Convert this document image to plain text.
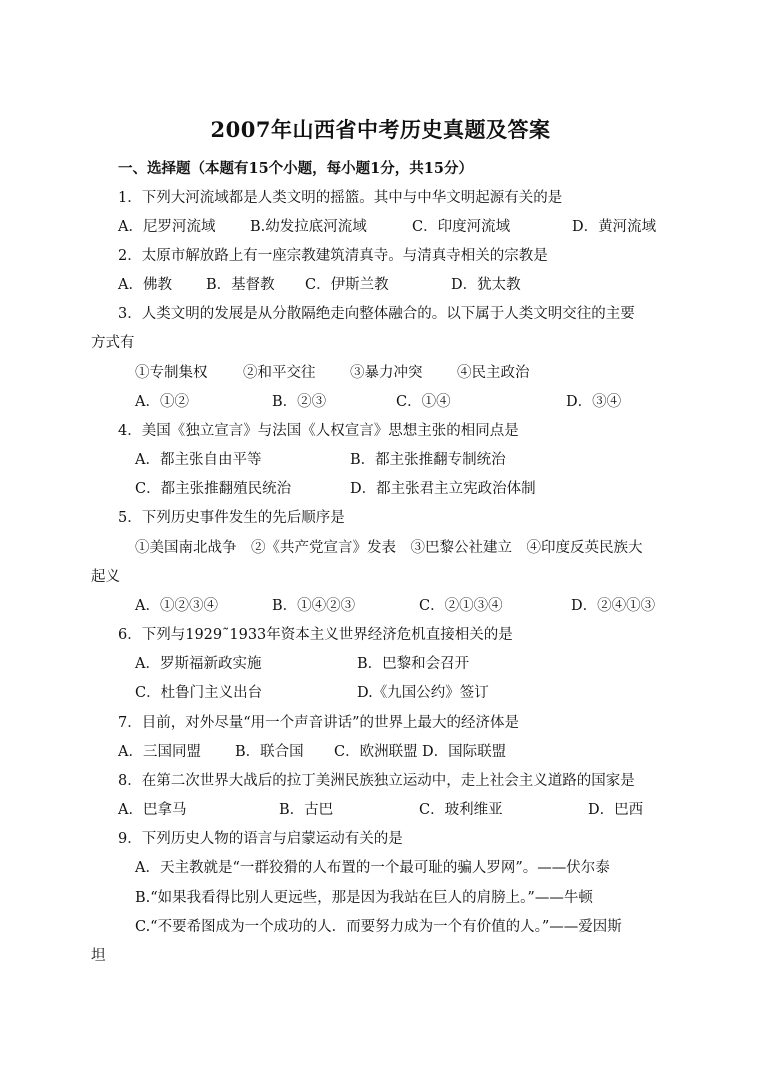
2007年山西省中考历史真题及答案
一、选择题（本题有15个小题，每小题1分，共15分）
1．下列大河流域都是人类文明的摇篮。其中与中华文明起源有关的是
A．尼罗河流域 B.幼发拉底河流域	C．印度河流域	D．黄河流域
2．太原市解放路上有一座宗教建筑清真寺。与清真寺相关的宗教是
A．佛教 B．基督教 C．伊斯兰教	D．犹太教
3．人类文明的发展是从分散隔绝走向整体融合的。以下属于人类文明交往的主要
方式有
①专制集权 ②和平交往 ③暴力冲突 ④民主政治
A．①②	B．②③	C．①④	D．③④
4．美国《独立宣言》与法国《人权宣言》思想主张的相同点是
A．都主张自由平等	B．都主张推翻专制统治
C．都主张推翻殖民统治	D．都主张君主立宪政治体制
5．下列历史事件发生的先后顺序是
①美国南北战争　②《共产党宣言》发表　③巴黎公社建立　④印度反英民族大
起义
A．①②③④	B．①④②③	C．②①③④	D．②④①③
6．下列与1929˜1933年资本主义世界经济危机直接相关的是
A．罗斯福新政实施	B．巴黎和会召开
C．杜鲁门主义出台	D.《九国公约》签订
7．目前，对外尽量“用一个声音讲话”的世界上最大的经济体是
A．三国同盟 B．联合国 C．欧洲联盟 D．国际联盟
8．在第二次世界大战后的拉丁美洲民族独立运动中，走上社会主义道路的国家是
A．巴拿马	B．古巴	C．玻利维亚	D．巴西
9．下列历史人物的语言与启蒙运动有关的是
A．天主教就是“一群狡猾的人布置的一个最可耻的骗人罗网”。——伏尔泰
B.“如果我看得比别人更远些，那是因为我站在巨人的肩膀上。”——牛顿
C.“不要希图成为一个成功的人．而要努力成为一个有价值的人。”——爱因斯
坦
